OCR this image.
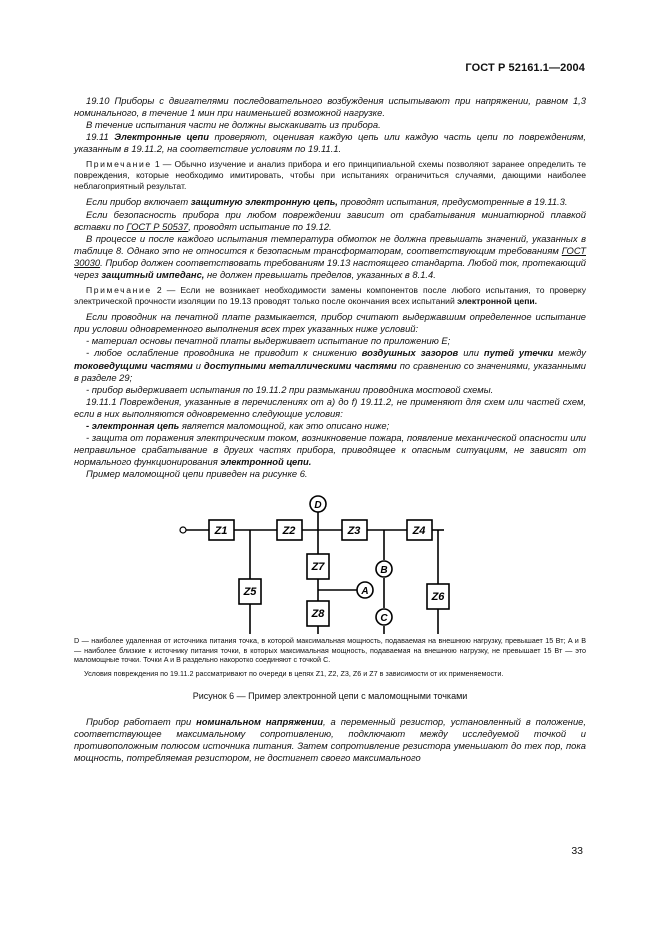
ГОСТ Р 52161.1—2004

19.10 Приборы с двигателями последовательного возбуждения испытывают при напряжении, равном 1,3 номинального, в течение 1 мин при наименьшей возможной нагрузке.

В течение испытания части не должны выскакивать из прибора.

19.11 Электронные цепи проверяют, оценивая каждую цепь или каждую часть цепи по повреждениям, указанным в 19.11.2, на соответствие условиям по 19.11.1.

Примечание 1 — Обычно изучение и анализ прибора и его принципиальной схемы позволяют заранее определить те повреждения, которые необходимо имитировать, чтобы при испытаниях ограничиться случаями, дающими наиболее неблагоприятный результат.

Если прибор включает защитную электронную цепь, проводят испытания, предусмотренные в 19.11.3.

Если безопасность прибора при любом повреждении зависит от срабатывания миниатюрной плавкой вставки по ГОСТ Р 50537, проводят испытание по 19.12.

В процессе и после каждого испытания температура обмоток не должна превышать значений, указанных в таблице 8. Однако это не относится к безопасным трансформаторам, соответствующим требованиям ГОСТ 30030. Прибор должен соответствовать требованиям 19.13 настоящего стандарта. Любой ток, протекающий через защитный импеданс, не должен превышать пределов, указанных в 8.1.4.

Примечание 2 — Если не возникает необходимости замены компонентов после любого испытания, то проверку электрической прочности изоляции по 19.13 проводят только после окончания всех испытаний электронной цепи.

Если проводник на печатной плате размыкается, прибор считают выдержавшим определенное испытание при условии одновременного выполнения всех трех указанных ниже условий:

- материал основы печатной платы выдерживает испытание по приложению Е;

- любое ослабление проводника не приводит к снижению воздушных зазоров или путей утечки между токоведущими частями и доступными металлическими частями по сравнению со значениями, указанными в разделе 29;

- прибор выдерживает испытания по 19.11.2 при размыкании проводника мостовой схемы.

19.11.1 Повреждения, указанные в перечислениях от а) до f) 19.11.2, не применяют для схем или частей схем, если в них выполняются одновременно следующие условия:

- электронная цепь является маломощной, как это описано ниже;

- защита от поражения электрическим током, возникновение пожара, появление механической опасности или неправильное срабатывание в других частях прибора, приводящее к опасным ситуациям, не зависят от нормального функционирования электронной цепи.

Пример маломощной цепи приведен на рисунке 6.

Z1	Z2	Z3	Z4
Z5
Z7
Z8
Z6
D
B
A
C

D — наиболее удаленная от источника питания точка, в которой максимальная мощность, подаваемая на внешнюю нагрузку, превышает 15 Вт; A и B — наиболее близкие к источнику питания точки, в которых максимальная мощность, подаваемая на внешнюю нагрузку, не превышает 15 Вт — это маломощные точки. Точки A и B раздельно накоротко соединяют с точкой C.

Условия повреждения по 19.11.2 рассматривают по очереди в цепях Z1, Z2, Z3, Z6 и Z7 в зависимости от их применяемости.

Рисунок 6 — Пример электронной цепи с маломощными точками

Прибор работает при номинальном напряжении, а переменный резистор, установленный в положение, соответствующее максимальному сопротивлению, подключают между исследуемой точкой и противоположным полюсом источника питания. Затем сопротивление резистора уменьшают до тех пор, пока мощность, потребляемая резистором, не достигнет своего максимального

33
